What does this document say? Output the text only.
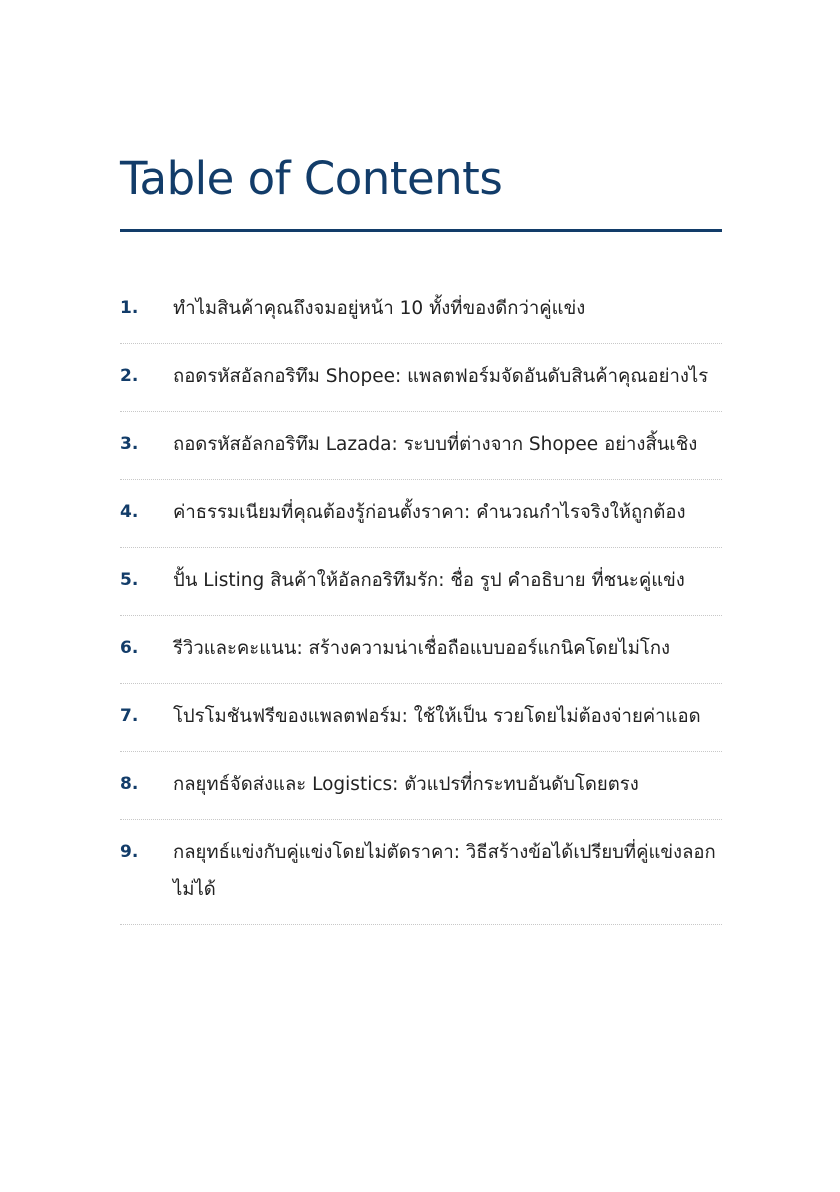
Table of Contents
1.	ทำไมสินค้าคุณถึงจมอยู่หน้า 10 ทั้งที่ของดีกว่าคู่แข่ง
2.	ถอดรหัสอัลกอริทึม Shopee: แพลตฟอร์มจัดอันดับสินค้าคุณอย่างไร
3.	ถอดรหัสอัลกอริทึม Lazada: ระบบที่ต่างจาก Shopee อย่างสิ้นเชิง
4.	ค่าธรรมเนียมที่คุณต้องรู้ก่อนตั้งราคา: คำนวณกำไรจริงให้ถูกต้อง
5.	ปั้น Listing สินค้าให้อัลกอริทึมรัก: ชื่อ รูป คำอธิบาย ที่ชนะคู่แข่ง
6.	รีวิวและคะแนน: สร้างความน่าเชื่อถือแบบออร์แกนิคโดยไม่โกง
7.	โปรโมชันฟรีของแพลตฟอร์ม: ใช้ให้เป็น รวยโดยไม่ต้องจ่ายค่าแอด
8.	กลยุทธ์จัดส่งและ Logistics: ตัวแปรที่กระทบอันดับโดยตรง
9.	กลยุทธ์แข่งกับคู่แข่งโดยไม่ตัดราคา: วิธีสร้างข้อได้เปรียบที่คู่แข่งลอกไม่ได้
